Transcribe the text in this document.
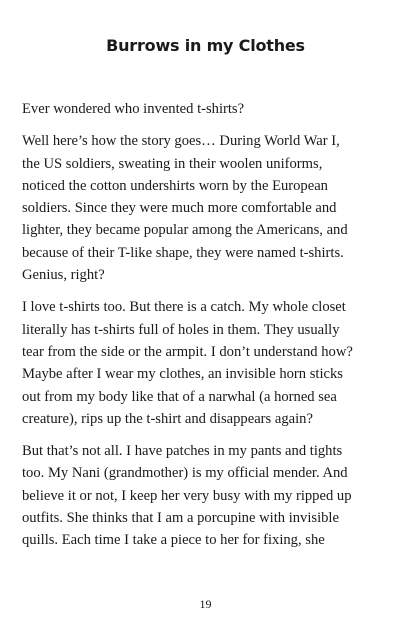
Burrows in my Clothes

Ever wondered who invented t-shirts?

Well here’s how the story goes… During World War I,
the US soldiers, sweating in their woolen uniforms,
noticed the cotton undershirts worn by the European
soldiers. Since they were much more comfortable and
lighter, they became popular among the Americans, and
because of their T-like shape, they were named t-shirts.
Genius, right?

I love t-shirts too. But there is a catch. My whole closet
literally has t-shirts full of holes in them. They usually
tear from the side or the armpit. I don’t understand how?
Maybe after I wear my clothes, an invisible horn sticks
out from my body like that of a narwhal (a horned sea
creature), rips up the t-shirt and disappears again?

But that’s not all. I have patches in my pants and tights
too. My Nani (grandmother) is my official mender. And
believe it or not, I keep her very busy with my ripped up
outfits. She thinks that I am a porcupine with invisible
quills. Each time I take a piece to her for fixing, she

19
